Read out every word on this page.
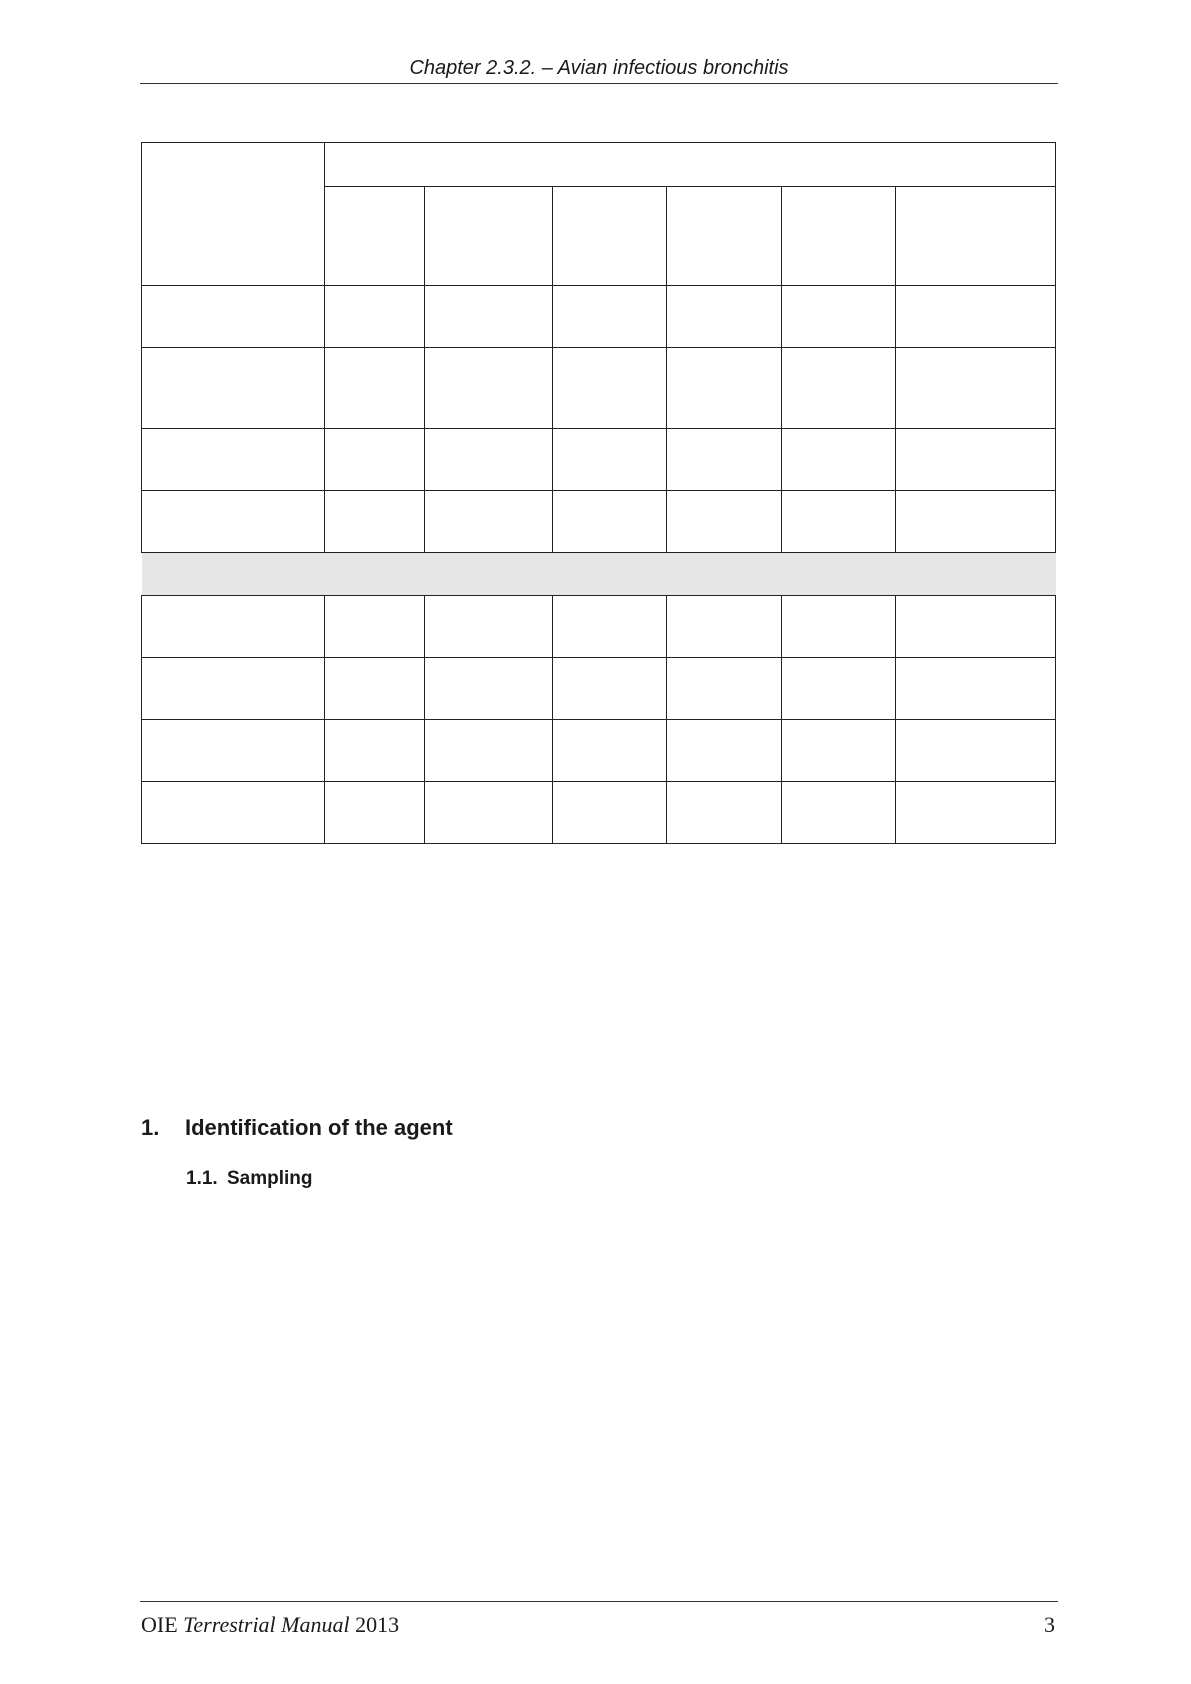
Chapter 2.3.2. – Avian infectious bronchitis

1. Identification of the agent
1.1. Sampling
OIE Terrestrial Manual 2013	3
